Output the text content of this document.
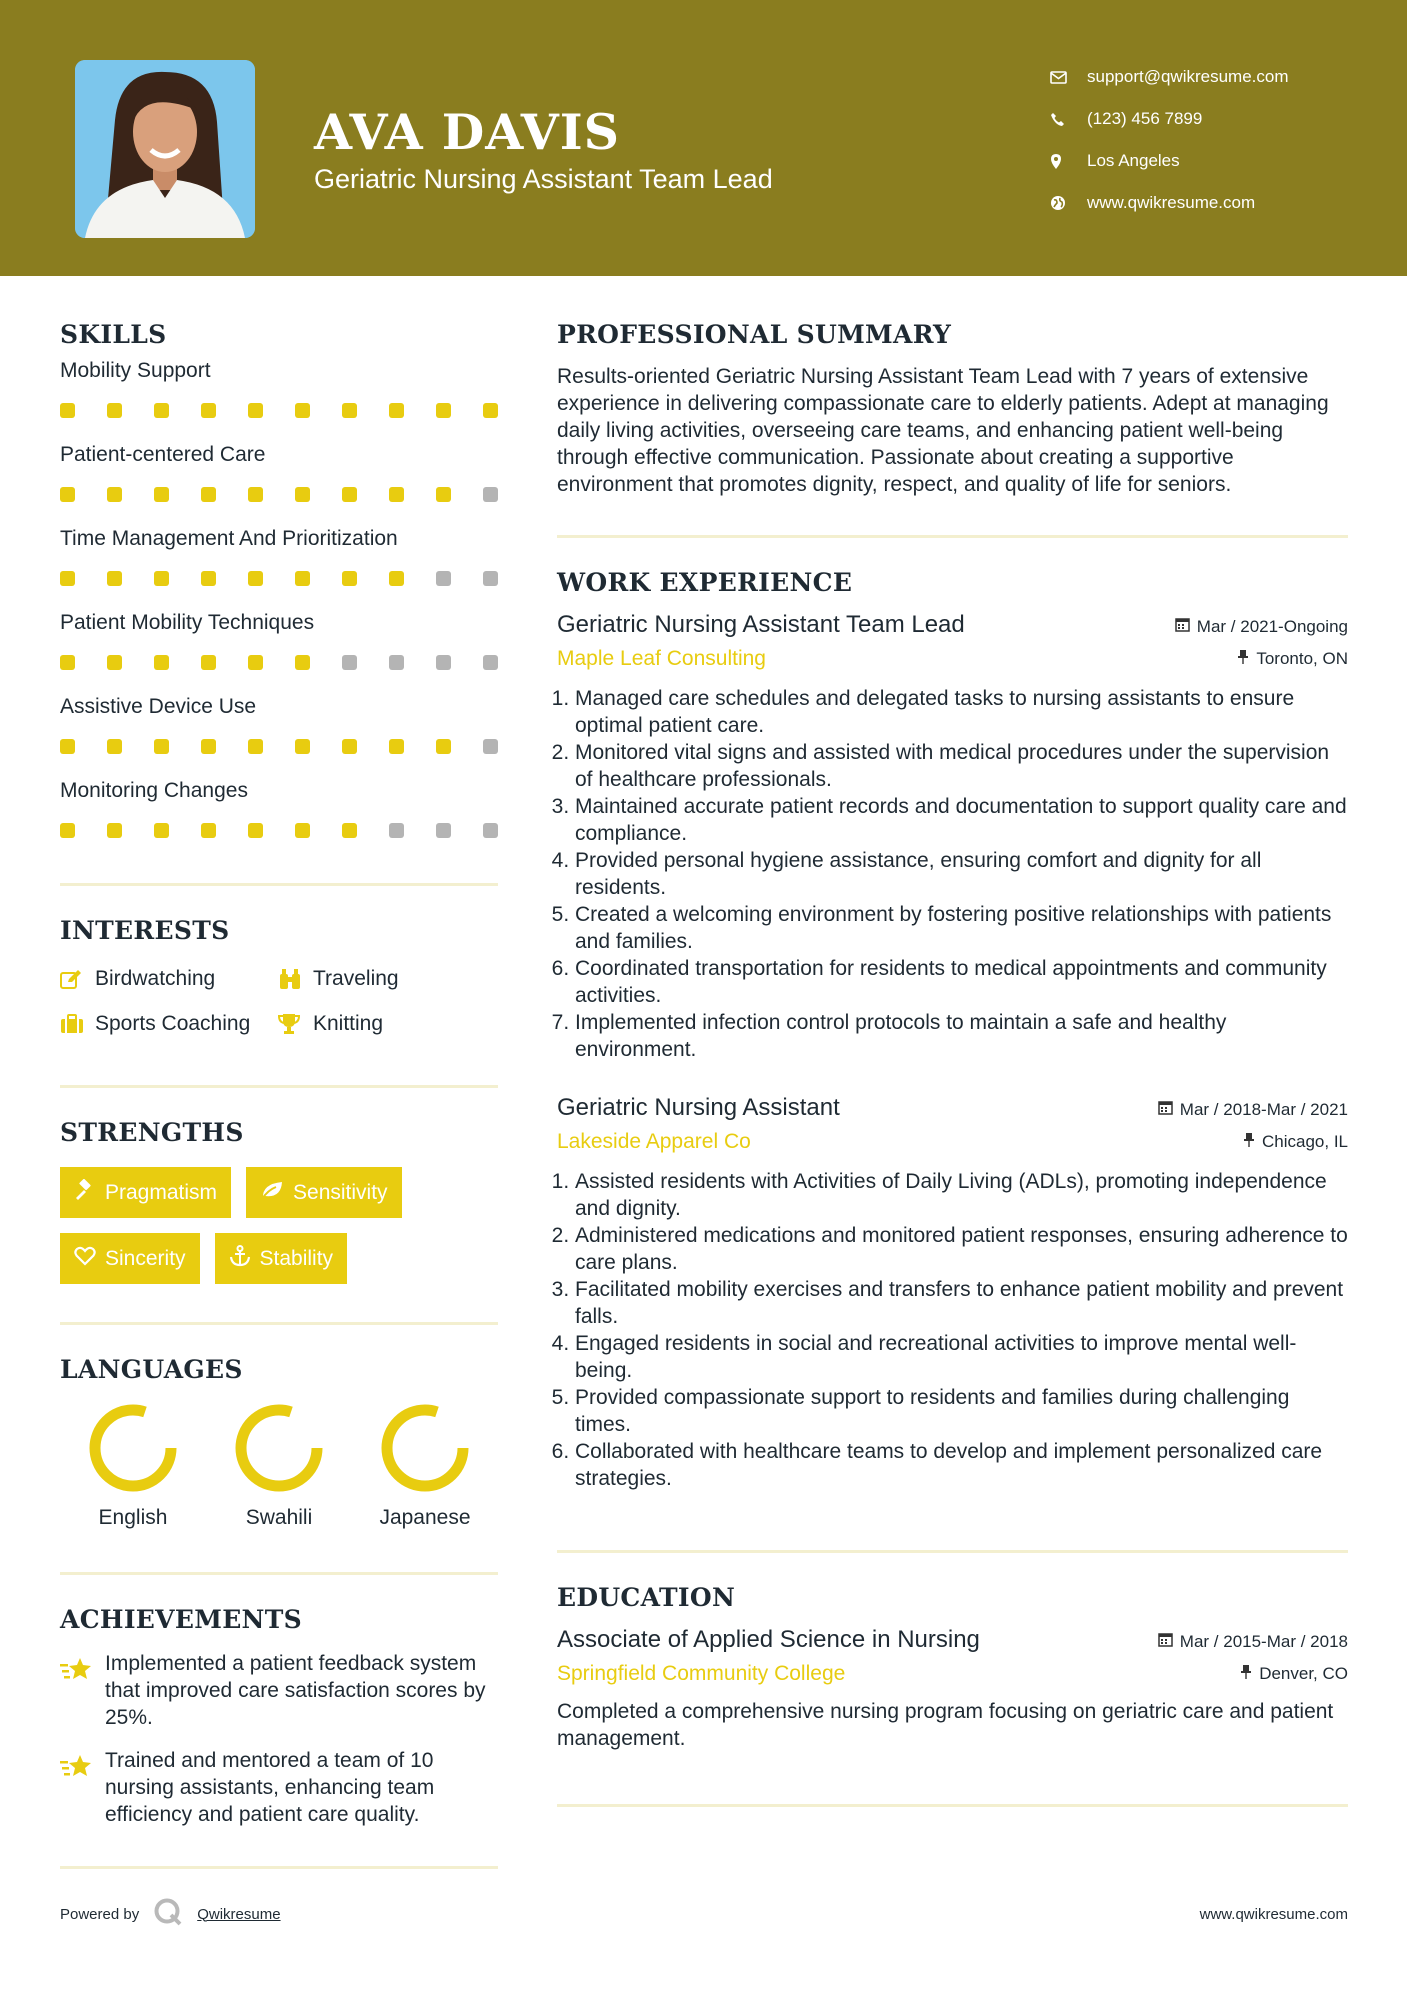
AVA DAVIS
Geriatric Nursing Assistant Team Lead
support@qwikresume.com
(123) 456 7899
Los Angeles
www.qwikresume.com
SKILLS
Mobility Support
Patient-centered Care
Time Management And Prioritization
Patient Mobility Techniques
Assistive Device Use
Monitoring Changes
INTERESTS
Birdwatching	Traveling
Sports Coaching	Knitting
STRENGTHS
Pragmatism	Sensitivity
Sincerity	Stability
LANGUAGES
English	Swahili	Japanese
ACHIEVEMENTS
Implemented a patient feedback system that improved care satisfaction scores by 25%.
Trained and mentored a team of 10 nursing assistants, enhancing team efficiency and patient care quality.
PROFESSIONAL SUMMARY
Results-oriented Geriatric Nursing Assistant Team Lead with 7 years of extensive experience in delivering compassionate care to elderly patients. Adept at managing daily living activities, overseeing care teams, and enhancing patient well-being through effective communication. Passionate about creating a supportive environment that promotes dignity, respect, and quality of life for seniors.
WORK EXPERIENCE
Geriatric Nursing Assistant Team Lead	Mar / 2021-Ongoing
Maple Leaf Consulting	Toronto, ON
1. Managed care schedules and delegated tasks to nursing assistants to ensure optimal patient care.
2. Monitored vital signs and assisted with medical procedures under the supervision of healthcare professionals.
3. Maintained accurate patient records and documentation to support quality care and compliance.
4. Provided personal hygiene assistance, ensuring comfort and dignity for all residents.
5. Created a welcoming environment by fostering positive relationships with patients and families.
6. Coordinated transportation for residents to medical appointments and community activities.
7. Implemented infection control protocols to maintain a safe and healthy environment.
Geriatric Nursing Assistant	Mar / 2018-Mar / 2021
Lakeside Apparel Co	Chicago, IL
1. Assisted residents with Activities of Daily Living (ADLs), promoting independence and dignity.
2. Administered medications and monitored patient responses, ensuring adherence to care plans.
3. Facilitated mobility exercises and transfers to enhance patient mobility and prevent falls.
4. Engaged residents in social and recreational activities to improve mental well-being.
5. Provided compassionate support to residents and families during challenging times.
6. Collaborated with healthcare teams to develop and implement personalized care strategies.
EDUCATION
Associate of Applied Science in Nursing	Mar / 2015-Mar / 2018
Springfield Community College	Denver, CO
Completed a comprehensive nursing program focusing on geriatric care and patient management.
Powered by	Qwikresume	www.qwikresume.com
